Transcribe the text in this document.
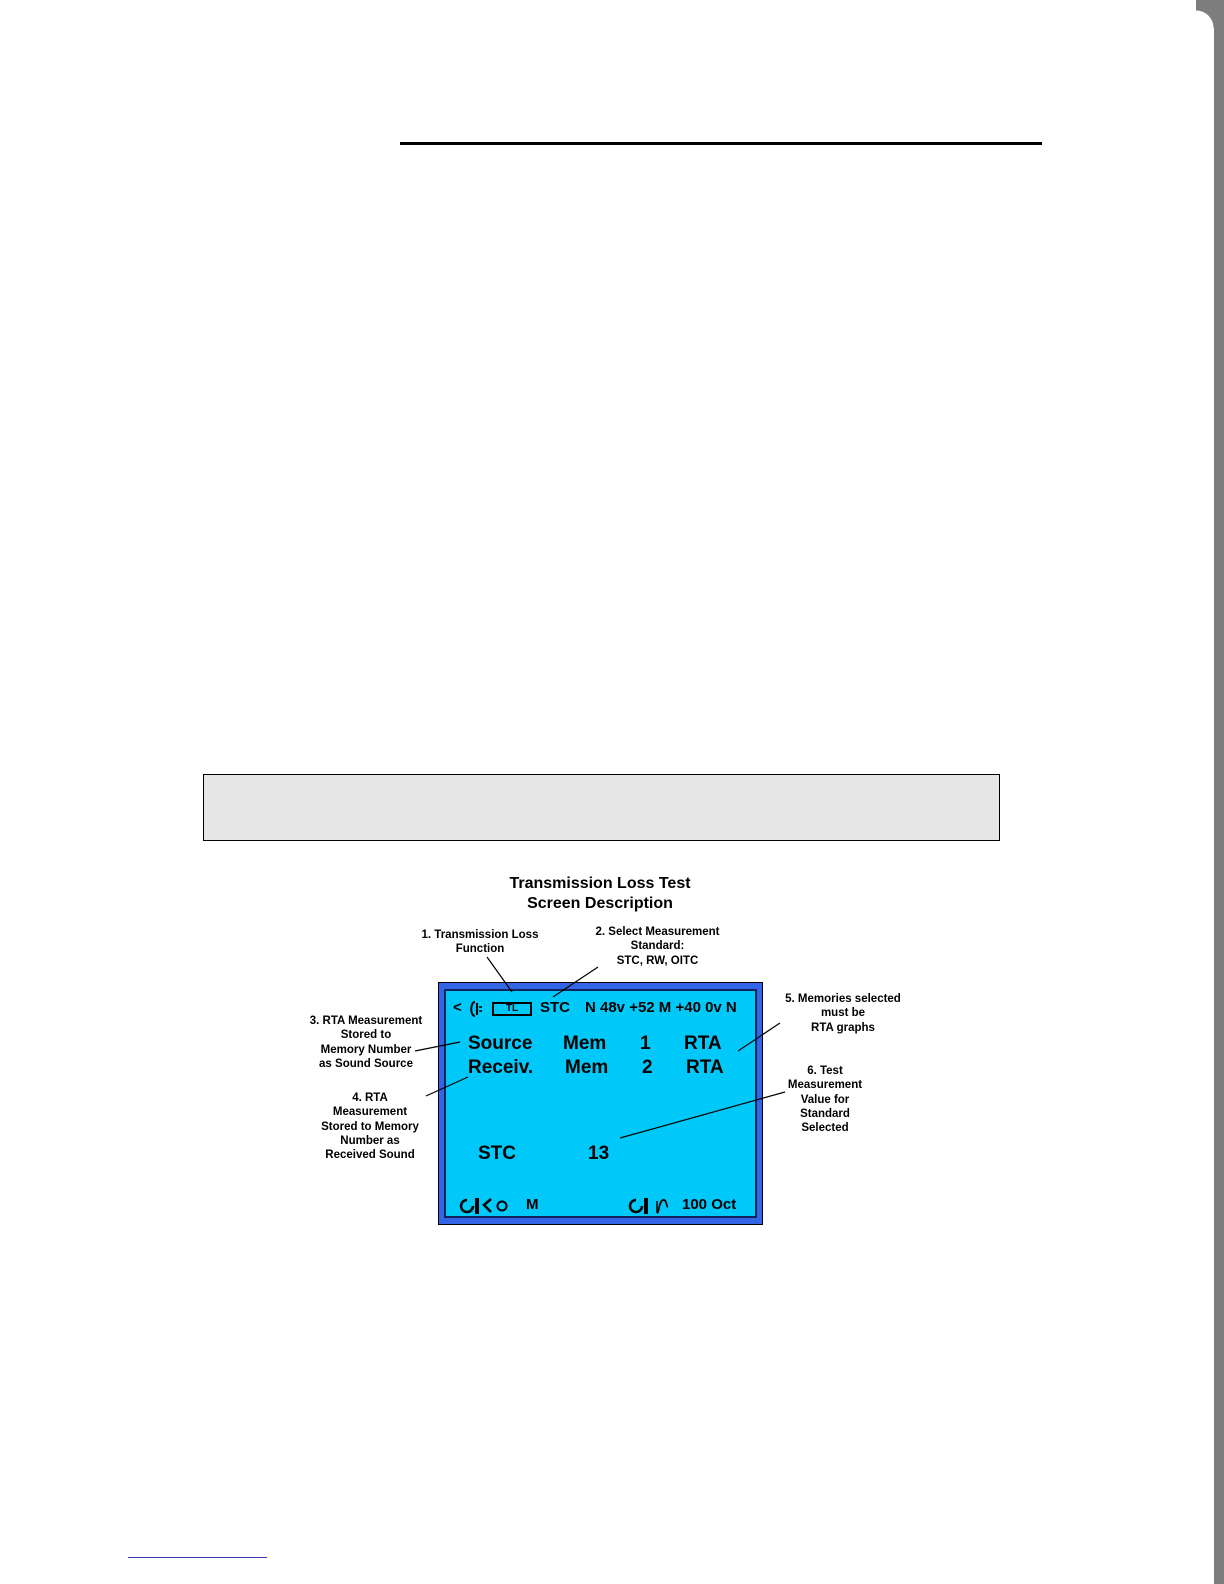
Transmission Loss Test
Screen Description
1. Transmission Loss
Function
2. Select Measurement
Standard:
STC, RW, OITC
3. RTA Measurement
Stored to
Memory Number
as Sound Source
4. RTA
Measurement
Stored to Memory
Number as
Received Sound
5. Memories selected
must be
RTA graphs
6. Test
Measurement
Value for
Standard
Selected
<	TL	STC N 48v +52 M +40 0v N
Source Mem 1 RTA
Receiv. Mem 2 RTA
STC	13
M	100 Oct
